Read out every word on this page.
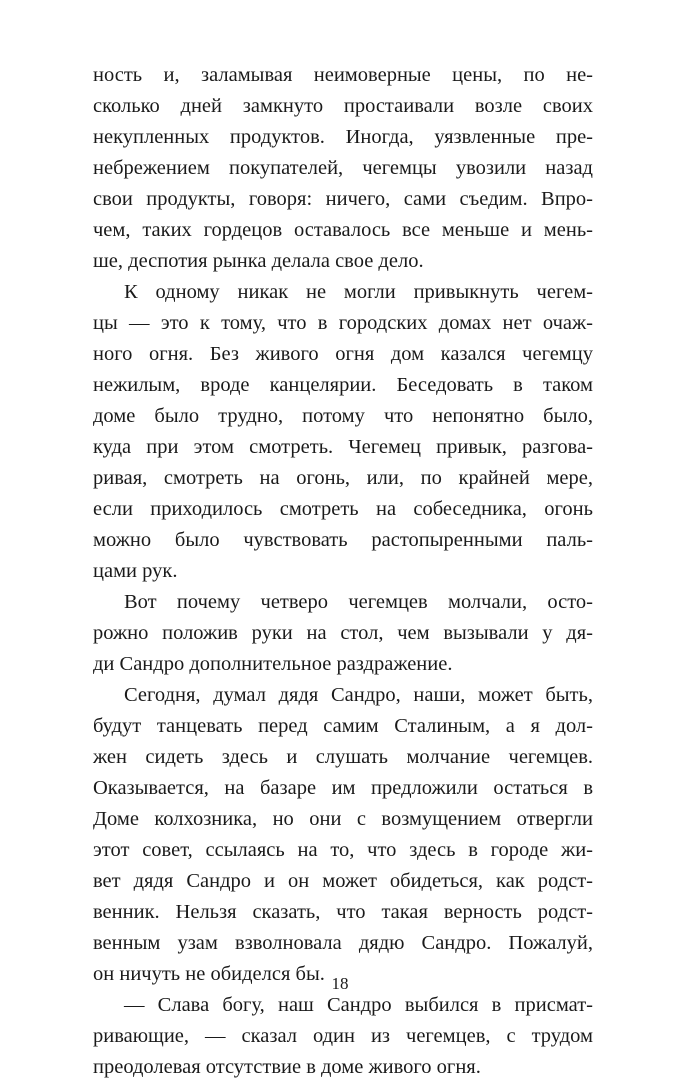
ность и, заламывая неимоверные цены, по не-
сколько дней замкнуто простаивали возле своих
некупленных продуктов. Иногда, уязвленные пре-
небрежением покупателей, чегемцы увозили назад
свои продукты, говоря: ничего, сами съедим. Впро-
чем, таких гордецов оставалось все меньше и мень-
ше, деспотия рынка делала свое дело.
К одному никак не могли привыкнуть чегем-
цы — это к тому, что в городских домах нет очаж-
ного огня. Без живого огня дом казался чегемцу
нежилым, вроде канцелярии. Беседовать в таком
доме было трудно, потому что непонятно было,
куда при этом смотреть. Чегемец привык, разгова-
ривая, смотреть на огонь, или, по крайней мере,
если приходилось смотреть на собеседника, огонь
можно было чувствовать растопыренными паль-
цами рук.
Вот почему четверо чегемцев молчали, осто-
рожно положив руки на стол, чем вызывали у дя-
ди Сандро дополнительное раздражение.
Сегодня, думал дядя Сандро, наши, может быть,
будут танцевать перед самим Сталиным, а я дол-
жен сидеть здесь и слушать молчание чегемцев.
Оказывается, на базаре им предложили остаться в
Доме колхозника, но они с возмущением отвергли
этот совет, ссылаясь на то, что здесь в городе жи-
вет дядя Сандро и он может обидеться, как родст-
венник. Нельзя сказать, что такая верность родст-
венным узам взволновала дядю Сандро. Пожалуй,
он ничуть не обиделся бы.
— Слава богу, наш Сандро выбился в присмат-
ривающие, — сказал один из чегемцев, с трудом
преодолевая отсутствие в доме живого огня.
18
